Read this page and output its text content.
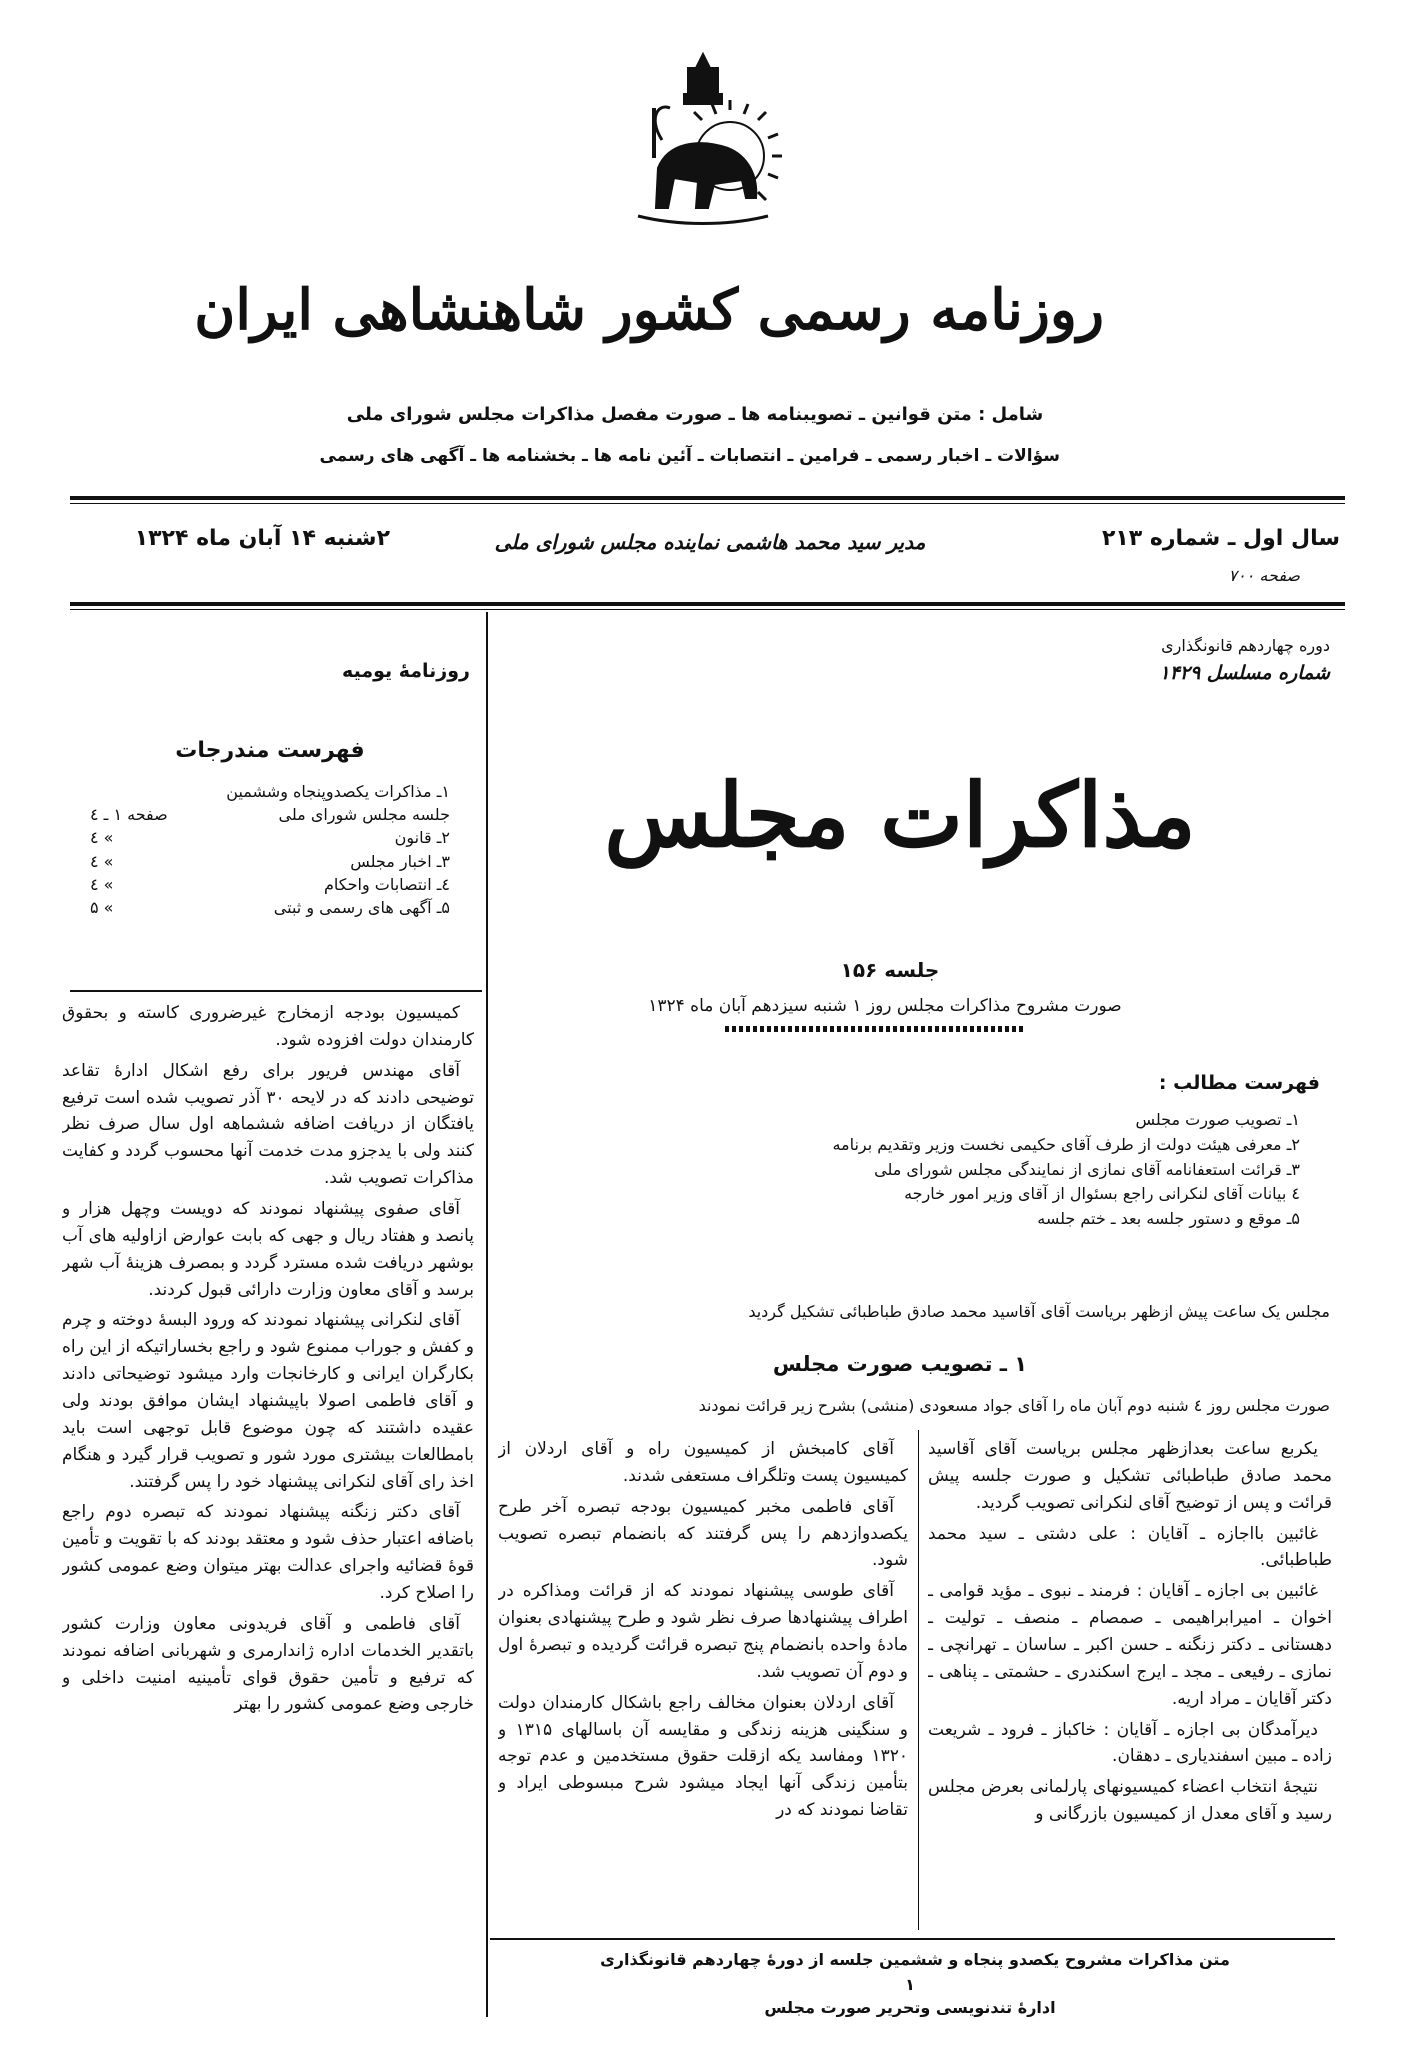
روزنامه رسمی کشور شاهنشاهی ایران
شامل : متن قوانین ـ تصویبنامه ها ـ صورت مفصل مذاکرات مجلس شورای ملی
سؤالات ـ اخبار رسمی ـ فرامین ـ انتصابات ـ آئین نامه ها ـ بخشنامه ها ـ آگهی های رسمی
سال اول ـ شماره ۲۱۳
صفحه ۷۰۰
مدیر سید محمد هاشمی نماینده مجلس شورای ملی
۲شنبه ۱۴ آبان ماه ۱۳۲۴
روزنامهٔ یومیه
فهرست مندرجات
۱ـ مذاکرات یکصدوپنجاه وششمین جلسه مجلس شورای ملی
صفحه ۱ ـ ٤
۲ـ قانون
» ٤
۳ـ اخبار مجلس
» ٤
٤ـ انتصابات واحکام
» ٤
۵ـ آگهی های رسمی و ثبتی
» ۵

کمیسیون بودجه ازمخارج غیرضروری کاسته و بحقوق کارمندان دولت افزوده شود.

آقای مهندس فریور برای رفع اشکال ادارهٔ تقاعد توضیحی دادند که در لایحه ۳۰ آذر تصویب شده است ترفیع یافتگان از دریافت اضافه ششماهه اول سال صرف نظر کنند ولی با یدجزو مدت خدمت آنها محسوب گردد و کفایت مذاکرات تصویب شد.

آقای صفوی پیشنهاد نمودند که دویست وچهل هزار و پانصد و هفتاد ریال و جهی که بابت عوارض ازاولیه های آب بوشهر دریافت شده مسترد گردد و بمصرف هزینهٔ آب شهر برسد و آقای معاون وزارت دارائی قبول کردند.

آقای لنکرانی پیشنهاد نمودند که ورود البسهٔ دوخته و چرم و کفش و جوراب ممنوع شود و راجع بخساراتیکه از این راه بکارگران ایرانی و کارخانجات وارد میشود توضیحاتی دادند و آقای فاطمی اصولا باپیشنهاد ایشان موافق بودند ولی عقیده داشتند که چون موضوع قابل توجهی است باید بامطالعات بیشتری مورد شور و تصویب قرار گیرد و هنگام اخذ رای آقای لنکرانی پیشنهاد خود را پس گرفتند.

آقای دکتر زنگنه پیشنهاد نمودند که تبصره دوم راجع باضافه اعتبار حذف شود و معتقد بودند که با تقویت و تأمین قوهٔ قضائیه واجرای عدالت بهتر میتوان وضع عمومی کشور را اصلاح کرد.

آقای فاطمی و آقای فریدونی معاون وزارت کشور باتقدیر الخدمات اداره ژاندارمری و شهربانی اضافه نمودند که ترفیع و تأمین حقوق قوای تأمینیه امنیت داخلی و خارجی وضع عمومی کشور را بهتر

دوره چهاردهم قانونگذاری
شماره مسلسل ۱۴۲۹
مذاکرات مجلس
جلسه ۱۵۶
صورت مشروح مذاکرات مجلس روز ۱ شنبه سیزدهم آبان ماه ۱۳۲۴
فهرست مطالب :
۱ـ تصویب صورت مجلس
۲ـ معرفی هیئت دولت از طرف آقای حکیمی نخست وزیر وتقدیم برنامه
۳ـ قرائت استعفانامه آقای نمازی از نمایندگی مجلس شورای ملی
٤ بیانات آقای لنکرانی راجع بسئوال از آقای وزیر امور خارجه
۵ـ موقع و دستور جلسه بعد ـ ختم جلسه
مجلس یک ساعت پیش ازظهر بریاست آقای آقاسید محمد صادق طباطبائی تشکیل گردید
۱ ـ تصویب صورت مجلس
صورت مجلس روز ٤ شنبه دوم آبان ماه را آقای جواد مسعودی (منشی) بشرح زیر قرائت نمودند

یکربع ساعت بعدازظهر مجلس بریاست آقای آقاسید محمد صادق طباطبائی تشکیل و صورت جلسه پیش قرائت و پس از توضیح آقای لنکرانی تصویب گردید.

غائبین بااجازه ـ آقایان : علی دشتی ـ سید محمد طباطبائی.

غائبین بی اجازه ـ آقایان : فرمند ـ نبوی ـ مؤید قوامی ـ اخوان ـ امیرابراهیمی ـ صمصام ـ منصف ـ تولیت ـ دهستانی ـ دکتر زنگنه ـ حسن اکبر ـ ساسان ـ تهرانچی ـ نمازی ـ رفیعی ـ مجد ـ ایرج اسکندری ـ حشمتی ـ پناهی ـ دکتر آقایان ـ مراد اریه.

دیرآمدگان بی اجازه ـ آقایان : خاکباز ـ فرود ـ شریعت زاده ـ مبین اسفندیاری ـ دهقان.

نتیجهٔ انتخاب اعضاء کمیسیونهای پارلمانی بعرض مجلس رسید و آقای معدل از کمیسیون بازرگانی و

آقای کامبخش از کمیسیون راه و آقای اردلان از کمیسیون پست وتلگراف مستعفی شدند.

آقای فاطمی مخبر کمیسیون بودجه تبصره آخر طرح یکصدوازدهم را پس گرفتند که بانضمام تبصره تصویب شود.

آقای طوسی پیشنهاد نمودند که از قرائت ومذاکره در اطراف پیشنهادها صرف نظر شود و طرح پیشنهادی بعنوان مادهٔ واحده بانضمام پنج تبصره قرائت گردیده و تبصرهٔ اول و دوم آن تصویب شد.

آقای اردلان بعنوان مخالف راجع باشکال کارمندان دولت و سنگینی هزینه زندگی و مقایسه آن باسالهای ۱۳۱۵ و ۱۳۲۰ ومفاسد یکه ازقلت حقوق مستخدمین و عدم توجه بتأمین زندگی آنها ایجاد میشود شرح مبسوطی ایراد و تقاضا نمودند که در

متن مذاکرات مشروح یکصدو پنجاه و ششمین جلسه از دورهٔ چهاردهم قانونگذاری
۱
ادارهٔ تندنویسی وتحریر صورت مجلس
